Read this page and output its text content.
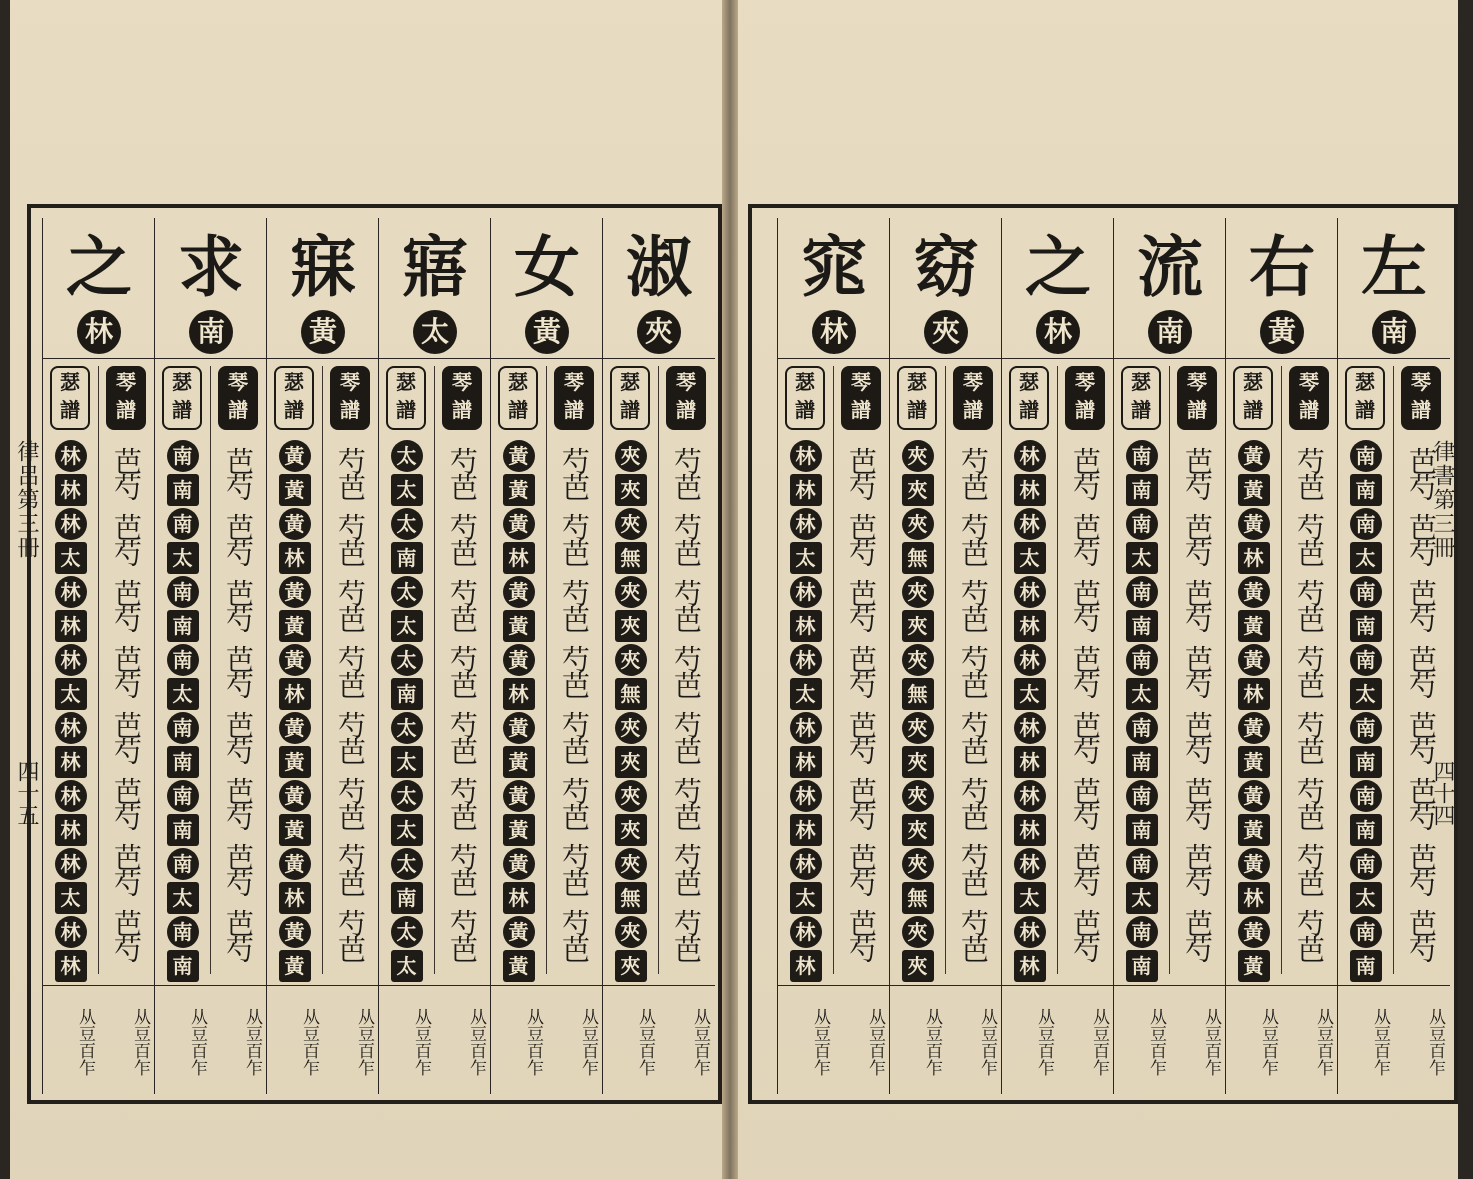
淑
夾
瑟譜
夾
夾
夾
無
夾
夾
夾
無
夾
夾
夾
夾
夾
無
夾
夾
琴譜
芍芭
芍芭
芍芭
芍芭
芍芭
芍芭
芍芭
芍芭
从豆百乍	从豆百乍
女
黃
瑟譜
黃
黃
黃
林
黃
黃
黃
林
黃
黃
黃
黃
黃
林
黃
黃
琴譜
芍芭
芍芭
芍芭
芍芭
芍芭
芍芭
芍芭
芍芭
从豆百乍	从豆百乍
寤
太
瑟譜
太
太
太
南
太
太
太
南
太
太
太
太
太
南
太
太
琴譜
芍芭
芍芭
芍芭
芍芭
芍芭
芍芭
芍芭
芍芭
从豆百乍	从豆百乍
寐
黃
瑟譜
黃
黃
黃
林
黃
黃
黃
林
黃
黃
黃
黃
黃
林
黃
黃
琴譜
芍芭
芍芭
芍芭
芍芭
芍芭
芍芭
芍芭
芍芭
从豆百乍	从豆百乍
求
南
瑟譜
南
南
南
太
南
南
南
太
南
南
南
南
南
太
南
南
琴譜
芭芍
芭芍
芭芍
芭芍
芭芍
芭芍
芭芍
芭芍
从豆百乍	从豆百乍
之
林
瑟譜
林
林
林
太
林
林
林
太
林
林
林
林
林
太
林
林
琴譜
芭芍
芭芍
芭芍
芭芍
芭芍
芭芍
芭芍
芭芍
从豆百乍	从豆百乍
左
南
瑟譜
南
南
南
太
南
南
南
太
南
南
南
南
南
太
南
南
琴譜
芭芍
芭芍
芭芍
芭芍
芭芍
芭芍
芭芍
芭芍
从豆百乍	从豆百乍
右
黃
瑟譜
黃
黃
黃
林
黃
黃
黃
林
黃
黃
黃
黃
黃
林
黃
黃
琴譜
芍芭
芍芭
芍芭
芍芭
芍芭
芍芭
芍芭
芍芭
从豆百乍	从豆百乍
流
南
瑟譜
南
南
南
太
南
南
南
太
南
南
南
南
南
太
南
南
琴譜
芭芍
芭芍
芭芍
芭芍
芭芍
芭芍
芭芍
芭芍
从豆百乍	从豆百乍
之
林
瑟譜
林
林
林
太
林
林
林
太
林
林
林
林
林
太
林
林
琴譜
芭芍
芭芍
芭芍
芭芍
芭芍
芭芍
芭芍
芭芍
从豆百乍	从豆百乍
窈
夾
瑟譜
夾
夾
夾
無
夾
夾
夾
無
夾
夾
夾
夾
夾
無
夾
夾
琴譜
芍芭
芍芭
芍芭
芍芭
芍芭
芍芭
芍芭
芍芭
从豆百乍	从豆百乍
窕
林
瑟譜
林
林
林
太
林
林
林
太
林
林
林
林
林
太
林
林
琴譜
芭芍
芭芍
芭芍
芭芍
芭芍
芭芍
芭芍
芭芍
从豆百乍	从豆百乍
律呂第三冊
四十五
律書第三冊
四十四
